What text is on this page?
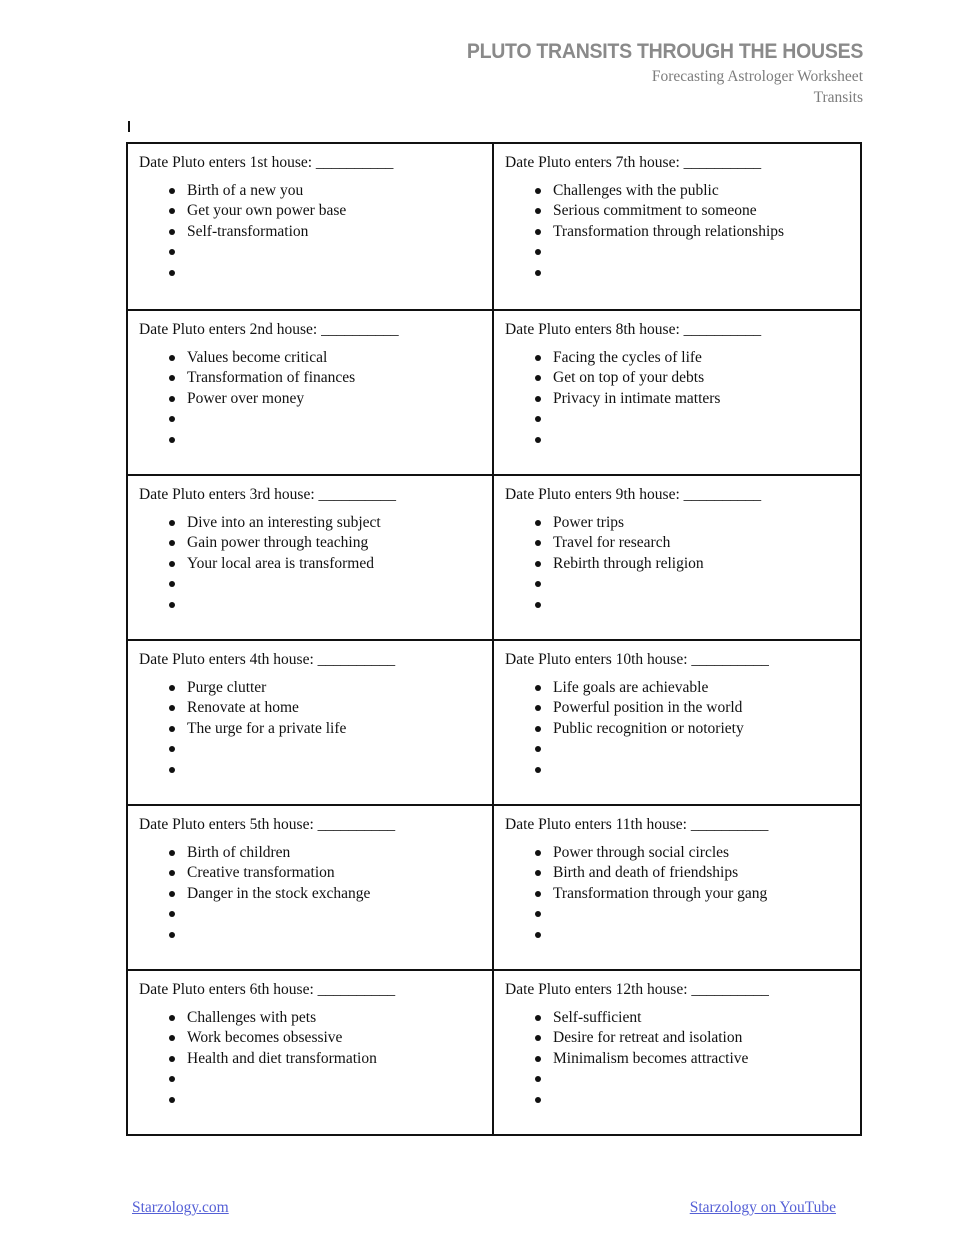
PLUTO TRANSITS THROUGH THE HOUSES
Forecasting Astrologer Worksheet
Transits
Date Pluto enters 1st house: __________
Birth of a new you
Get your own power base
Self-transformation
Date Pluto enters 7th house: __________
Challenges with the public
Serious commitment to someone
Transformation through relationships
Date Pluto enters 2nd house: __________
Values become critical
Transformation of finances
Power over money
Date Pluto enters 8th house: __________
Facing the cycles of life
Get on top of your debts
Privacy in intimate matters
Date Pluto enters 3rd house: __________
Dive into an interesting subject
Gain power through teaching
Your local area is transformed
Date Pluto enters 9th house: __________
Power trips
Travel for research
Rebirth through religion
Date Pluto enters 4th house: __________
Purge clutter
Renovate at home
The urge for a private life
Date Pluto enters 10th house: __________
Life goals are achievable
Powerful position in the world
Public recognition or notoriety
Date Pluto enters 5th house: __________
Birth of children
Creative transformation
Danger in the stock exchange
Date Pluto enters 11th house: __________
Power through social circles
Birth and death of friendships
Transformation through your gang
Date Pluto enters 6th house: __________
Challenges with pets
Work becomes obsessive
Health and diet transformation
Date Pluto enters 12th house: __________
Self-sufficient
Desire for retreat and isolation
Minimalism becomes attractive
Starzology.com	Starzology on YouTube
